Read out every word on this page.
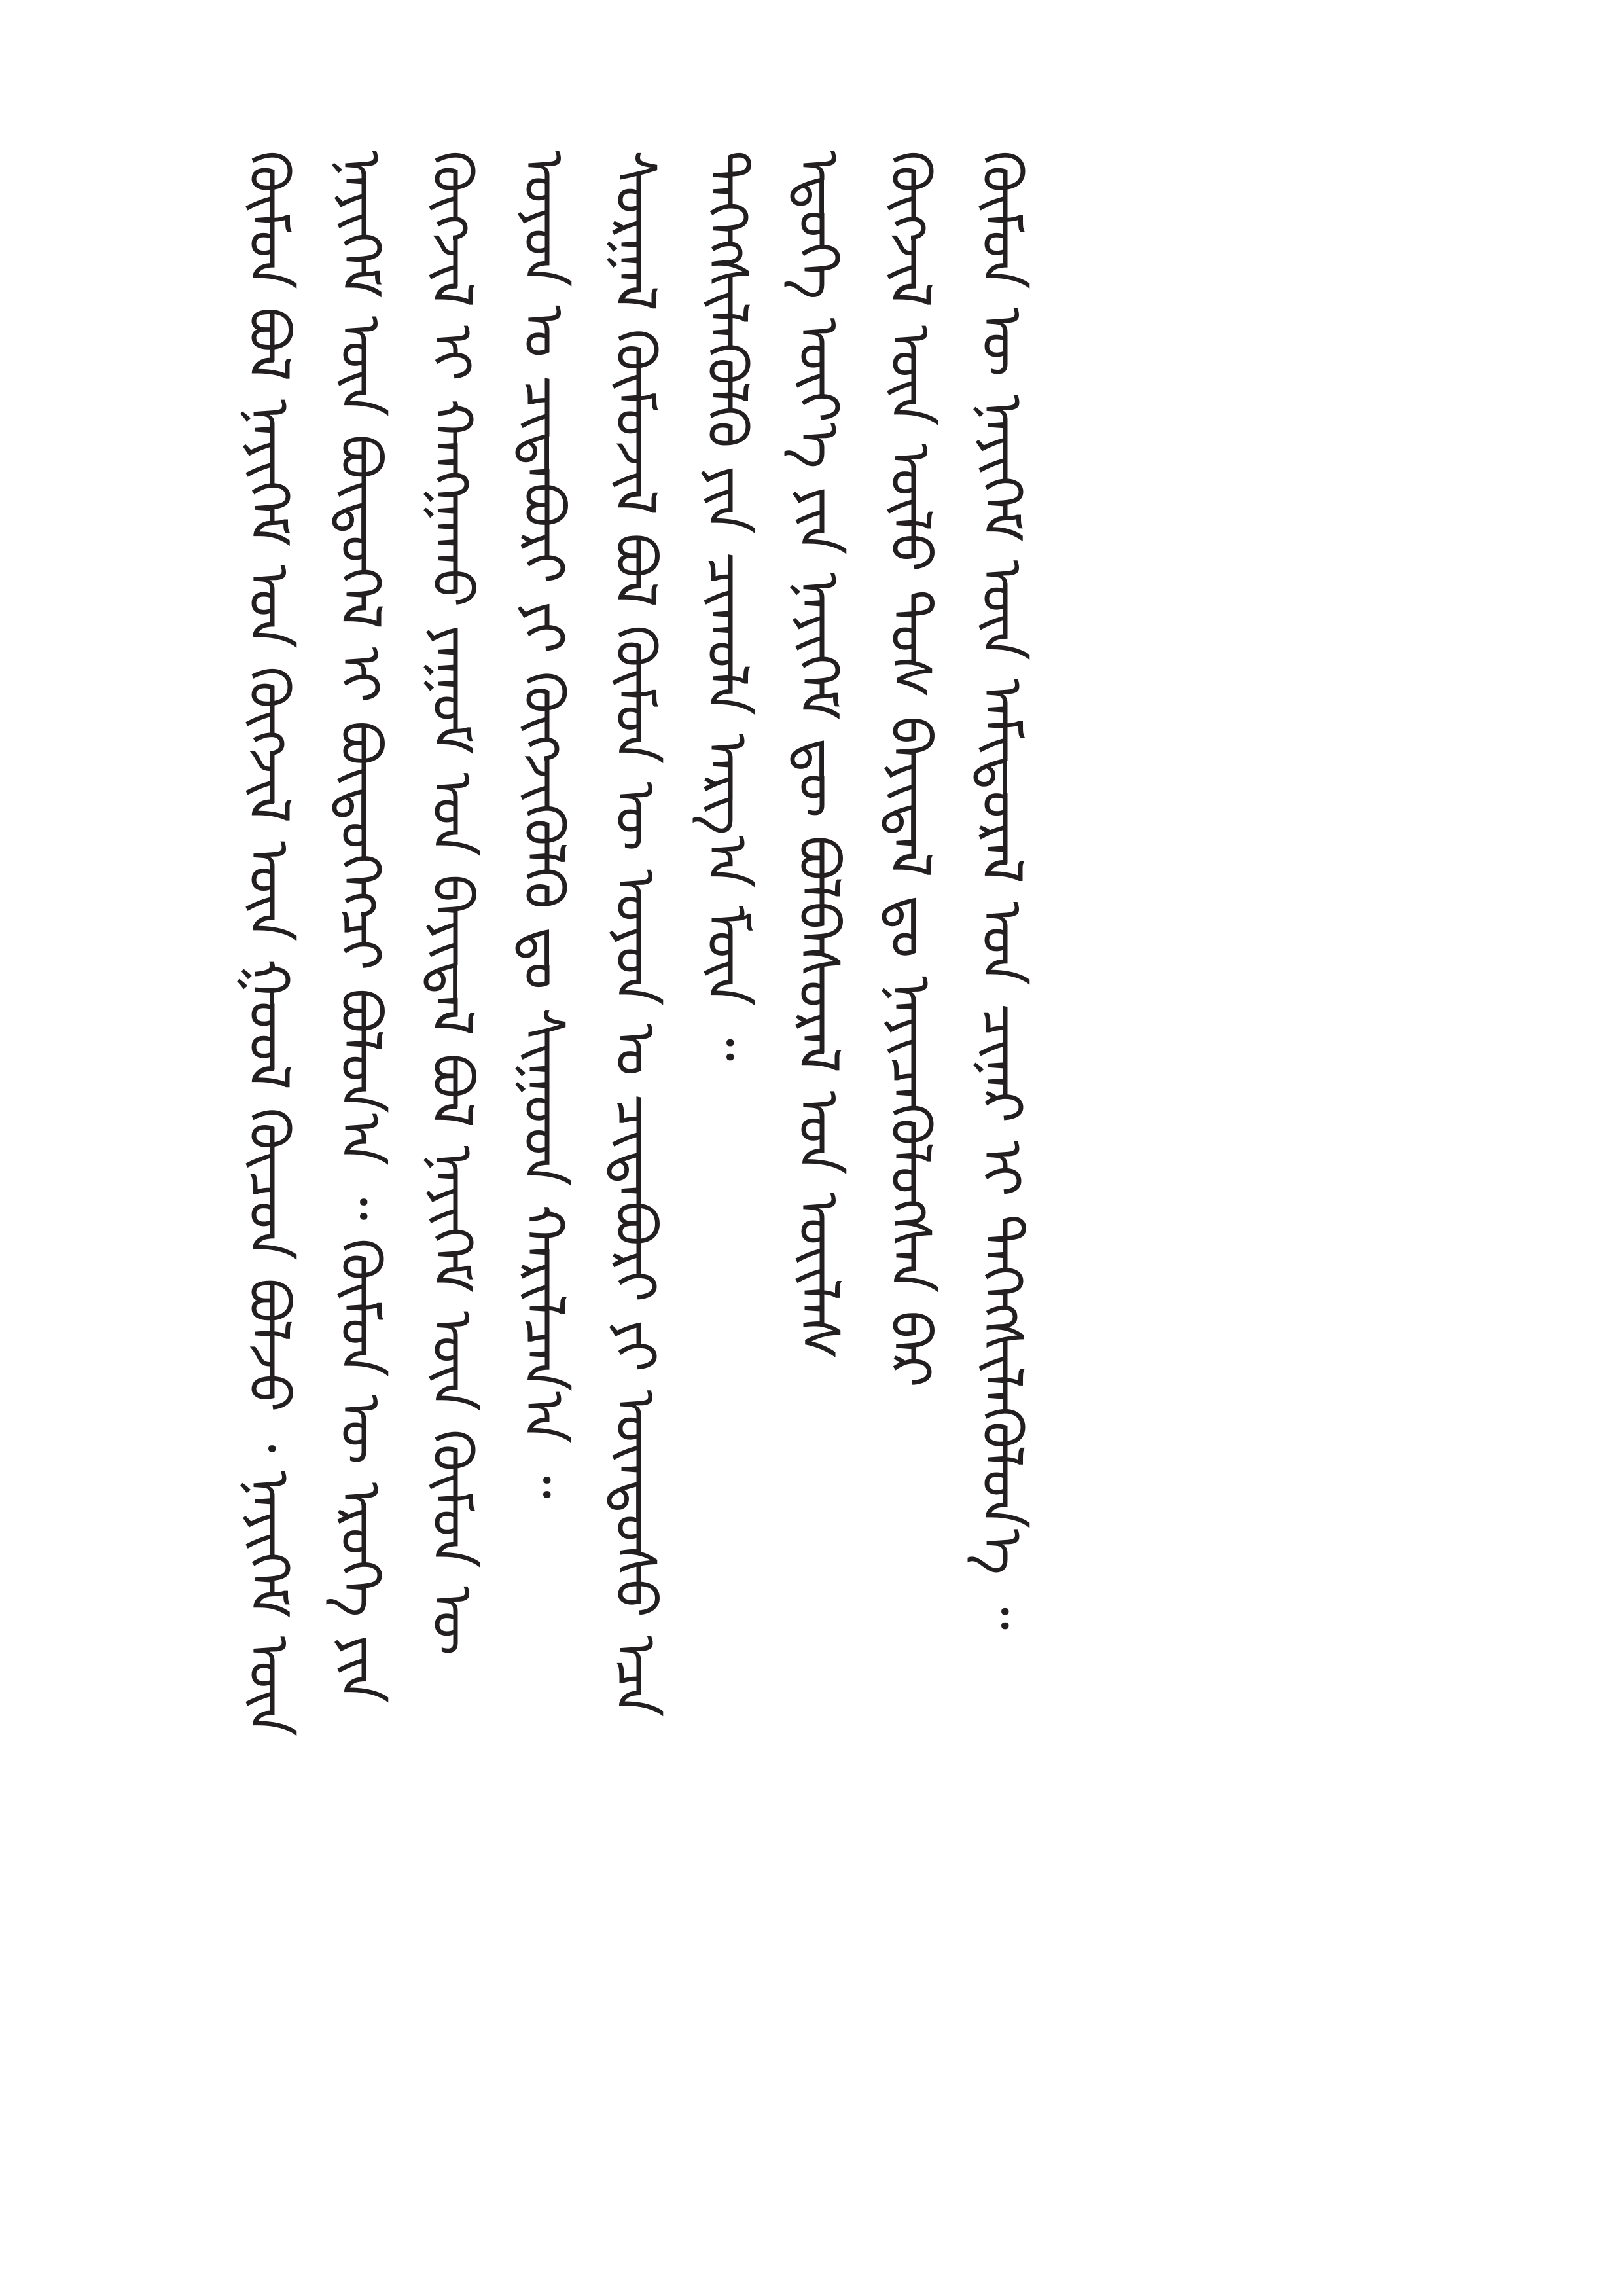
ᠬᠦᠮᠦᠨ ᠪᠣᠯ ᠨᠡᠶᠢᠭᠡᠮ ᠤᠨ ᠬᠥᠭᠵᠢᠯ ᠦᠨ ᠭᠣᠣᠯ ᠬᠦᠴᠦᠨ ᠪᠣᠯᠵᠤ ᠂ ᠨᠡᠶᠢᠭᠡᠮ ᠦᠨ ᠨᠡᠶᠢᠭᠡᠮ ᠦᠨ ᠪᠦᠲᠦᠭᠡᠯ ᠢ ᠪᠦᠲᠦᠭᠡᠭᠴᠢ ᠪᠣᠯᠤᠨ᠎ᠠ ᠃ ᠬᠦᠮᠦᠨ ᠦ ᠡᠷᠦᠬᠡ ᠶᠢᠨ ᠬᠥᠭᠵᠢᠯ ᠢ ᠬᠠᠩᠭᠠᠬᠤ ᠶᠠᠭᠤᠮ ᠤᠨ ᠪᠠᠶᠢᠳᠠᠯ ᠪᠣᠯ ᠨᠡᠶᠢᠭᠡᠮ ᠦᠨ ᠬᠦᠮᠦᠨ ᠦ ᠣᠶᠤᠨ ᠤ ᠴᠢᠳᠠᠪᠤᠷᠢ ᠶᠢ ᠬᠥᠭᠵᠢᠭᠦᠯᠬᠦ ᠳᠤ ᠰᠢᠭᠤᠳ ᠬᠠᠷᠢᠯᠴᠠᠨ᠎ᠠ ᠃ ᠰᠤᠷᠭᠠᠯ ᠬᠦᠮᠦᠵᠢᠯ ᠪᠣᠯ ᠬᠦᠮᠦᠨ ᠦ ᠣᠶᠤᠨ ᠤ ᠴᠢᠳᠠᠪᠤᠷᠢ ᠶᠢ ᠦᠨᠳᠦᠰᠦ ᠡᠴᠡ ᠳᠡᠭᠡᠭᠰᠢᠯᠡᠭᠦᠯᠬᠦ ᠶᠢᠨ ᠴᠢᠬᠤᠯᠠ ᠠᠷᠭ᠎ᠠ ᠮᠥᠨ ᠃ ᠡᠳᠦᠭᠡ ᠦᠶ᠎ᠡ ᠶᠢᠨ ᠨᠡᠶᠢᠭᠡᠮ ᠳᠦ ᠪᠣᠯᠪᠠᠰᠤᠷᠠᠯ ᠤᠨ ᠦᠢᠯᠡᠰ ᠬᠥᠭᠵᠢᠯ ᠦᠨ ᠦᠯᠦ ᠲᠤᠰ ᠪᠠᠶᠢᠳᠠᠯ ᠳᠤ ᠨᠡᠶᠢᠴᠡᠭᠦᠯᠦᠭᠰᠡᠨ ᠪᠠᠷ ᠬᠦᠮᠦᠨ ᠦ ᠨᠡᠶᠢᠭᠡᠮ ᠦᠨ ᠠᠮᠢᠳᠤᠷᠠᠯ ᠤᠨ ᠴᠢᠨᠠᠷ ᠢ ᠳᠡᠭᠡᠭᠰᠢᠯᠡᠭᠦᠯᠦᠨ᠎ᠡ ᠃
